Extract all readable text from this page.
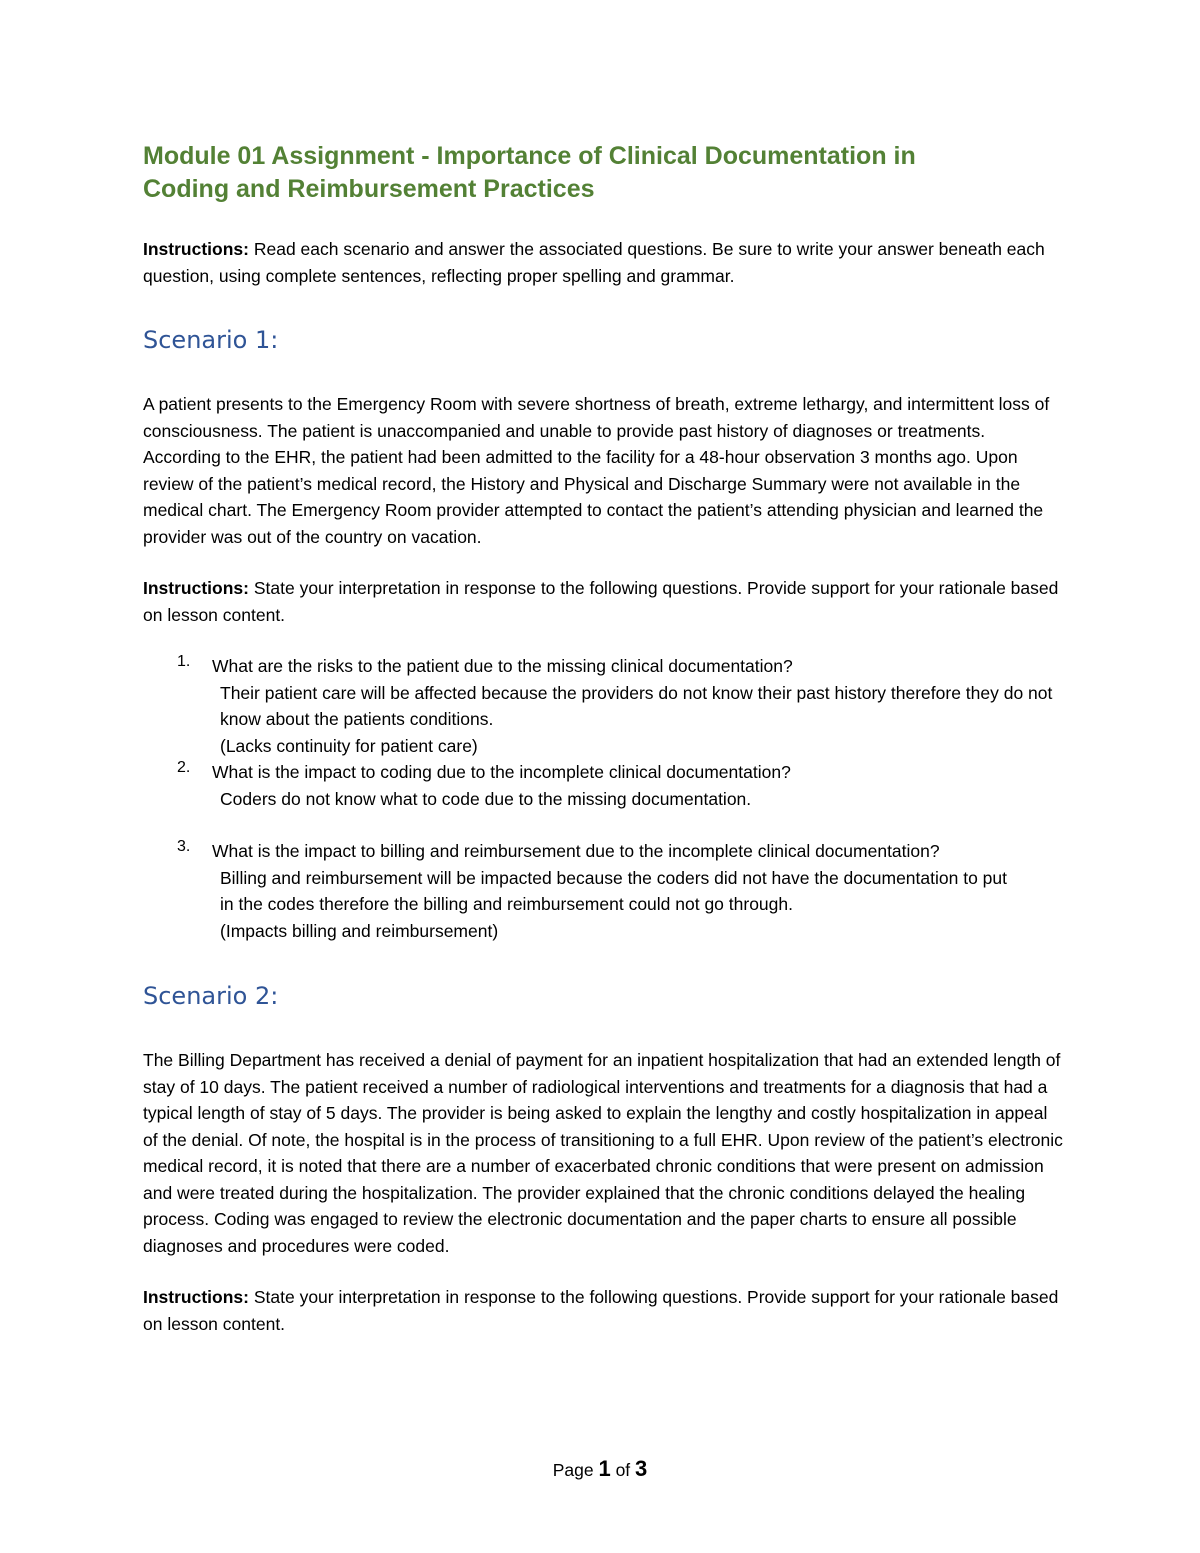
Module 01 Assignment - Importance of Clinical Documentation in
Coding and Reimbursement Practices

Instructions: Read each scenario and answer the associated questions. Be sure to write your answer beneath each question, using complete sentences, reflecting proper spelling and grammar.

Scenario 1:

A patient presents to the Emergency Room with severe shortness of breath, extreme lethargy, and intermittent loss of consciousness. The patient is unaccompanied and unable to provide past history of diagnoses or treatments. According to the EHR, the patient had been admitted to the facility for a 48-hour observation 3 months ago. Upon review of the patient’s medical record, the History and Physical and Discharge Summary were not available in the medical chart. The Emergency Room provider attempted to contact the patient’s attending physician and learned the provider was out of the country on vacation.

Instructions: State your interpretation in response to the following questions. Provide support for your rationale based on lesson content.

1. What are the risks to the patient due to the missing clinical documentation?
Their patient care will be affected because the providers do not know their past history therefore they do not know about the patients conditions.
(Lacks continuity for patient care)
2. What is the impact to coding due to the incomplete clinical documentation?
Coders do not know what to code due to the missing documentation.
3. What is the impact to billing and reimbursement due to the incomplete clinical documentation?
Billing and reimbursement will be impacted because the coders did not have the documentation to put in the codes therefore the billing and reimbursement could not go through.
(Impacts billing and reimbursement)
Scenario 2:

The Billing Department has received a denial of payment for an inpatient hospitalization that had an extended length of stay of 10 days. The patient received a number of radiological interventions and treatments for a diagnosis that had a typical length of stay of 5 days. The provider is being asked to explain the lengthy and costly hospitalization in appeal of the denial. Of note, the hospital is in the process of transitioning to a full EHR. Upon review of the patient’s electronic medical record, it is noted that there are a number of exacerbated chronic conditions that were present on admission and were treated during the hospitalization. The provider explained that the chronic conditions delayed the healing process. Coding was engaged to review the electronic documentation and the paper charts to ensure all possible diagnoses and procedures were coded.

Instructions: State your interpretation in response to the following questions. Provide support for your rationale based on lesson content.

Page 1 of 3
